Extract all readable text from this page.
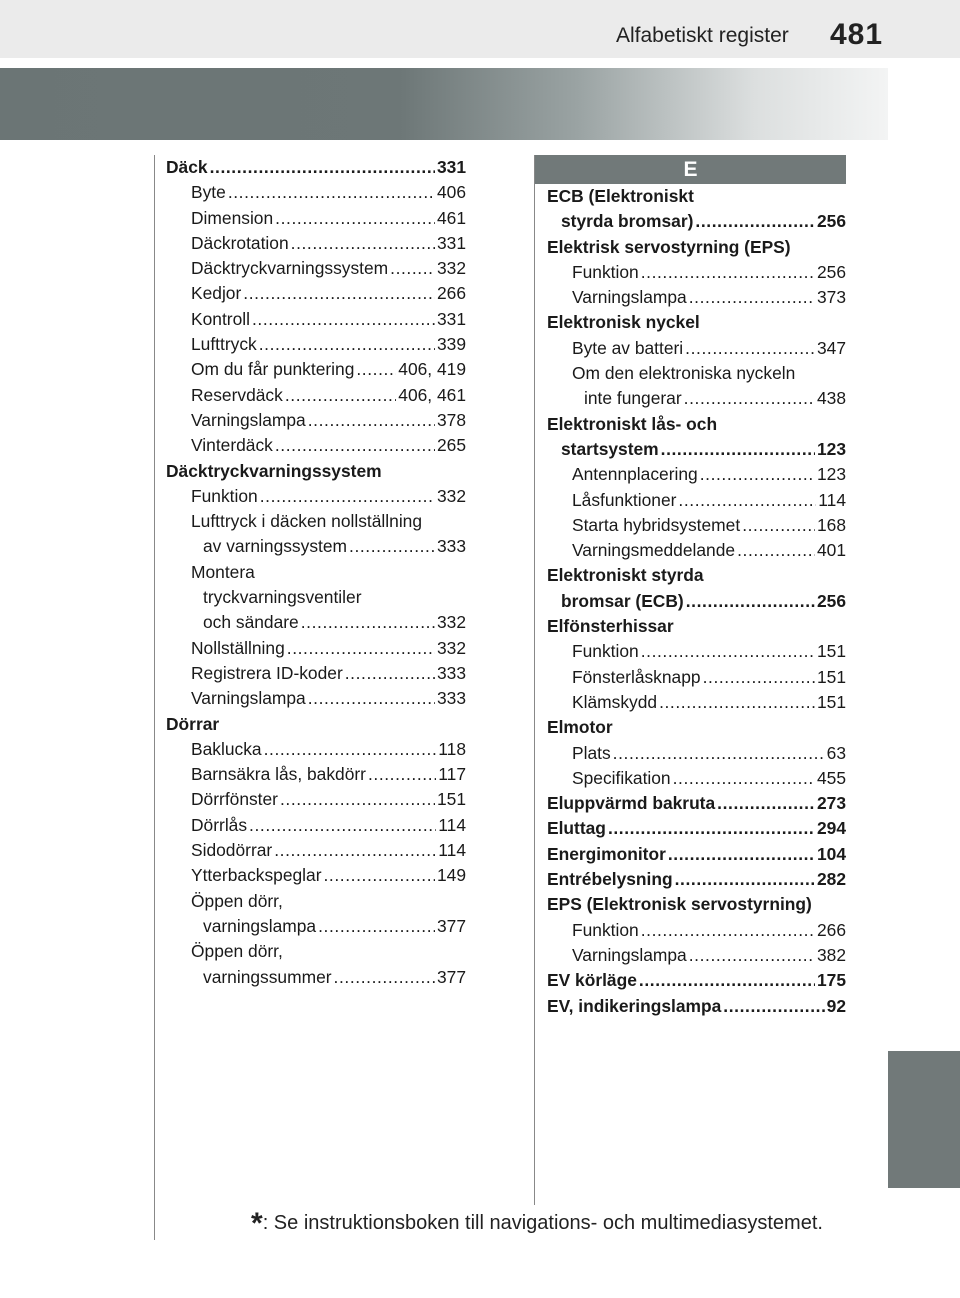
Alfabetiskt register 481
Däck .....	331
Byte .....	406
Dimension .....	461
Däckrotation .....	331
Däcktryckvarningssystem .....	332
Kedjor .....	266
Kontroll .....	331
Lufttryck .....	339
Om du får punktering .....	406, 419
Reservdäck .....	406, 461
Varningslampa .....	378
Vinterdäck .....	265
Däcktryckvarningssystem
Funktion .....	332
Lufttryck i däcken nollställning
av varningssystem .....	333
Montera
tryckvarningsventiler
och sändare .....	332
Nollställning .....	332
Registrera ID-koder .....	333
Varningslampa .....	333
Dörrar
Baklucka .....	118
Barnsäkra lås, bakdörr .....	117
Dörrfönster .....	151
Dörrlås .....	114
Sidodörrar .....	114
Ytterbackspeglar .....	149
Öppen dörr,
varningslampa .....	377
Öppen dörr,
varningssummer .....	377
E
ECB (Elektroniskt
styrda bromsar) .....	256
Elektrisk servostyrning (EPS)
Funktion .....	256
Varningslampa .....	373
Elektronisk nyckel
Byte av batteri .....	347
Om den elektroniska nyckeln
inte fungerar .....	438
Elektroniskt lås- och
startsystem .....	123
Antennplacering .....	123
Låsfunktioner .....	114
Starta hybridsystemet .....	168
Varningsmeddelande .....	401
Elektroniskt styrda
bromsar (ECB) .....	256
Elfönsterhissar
Funktion .....	151
Fönsterlåsknapp .....	151
Klämskydd .....	151
Elmotor
Plats .....	63
Specifikation .....	455
Eluppvärmd bakruta .....	273
Eluttag .....	294
Energimonitor .....	104
Entrébelysning .....	282
EPS (Elektronisk servostyrning)
Funktion .....	266
Varningslampa .....	382
EV körläge .....	175
EV, indikeringslampa .....	92
*: Se instruktionsboken till navigations- och multimediasystemet.
